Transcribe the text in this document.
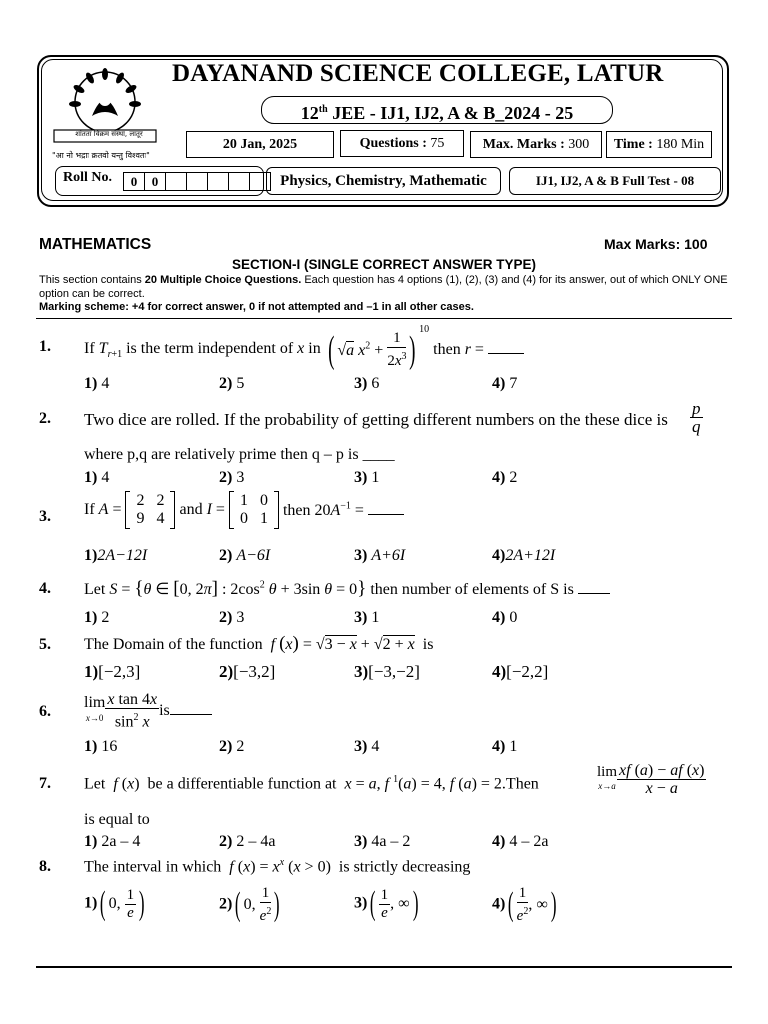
शांतता विक्रम संस्था, लातूर
"आ नो भद्राः क्रतवो यन्तु विश्वतः"
DAYANAND SCIENCE COLLEGE, LATUR
12th JEE - IJ1, IJ2, A & B_2024 - 25
20 Jan, 2025	Questions : 75	Max. Marks : 300	Time : 180 Min
Roll No.	0	0	Physics, Chemistry, Mathematic	IJ1, IJ2, A & B Full Test - 08
MATHEMATICS	Max Marks: 100
SECTION-I (SINGLE CORRECT ANSWER TYPE)
This section contains 20 Multiple Choice Questions. Each question has 4 options (1), (2), (3) and (4) for its answer, out of which ONLY ONE option can be correct.
Marking scheme: +4 for correct answer, 0 if not attempted and –1 in all other cases.
1. If $T_{r+1}$ is the term independent of x in ( √a $x^2 + \frac{1}{2x^3}$ ) $^{10}$ then r =
1) 4	2) 5	3) 6	4) 7
2. Two dice are rolled. If the probability of getting different numbers on the these dice is $\frac{p}{q}$
where p,q are relatively prime then q – p is ____
1) 4	2) 3	3) 1	4) 2
3. If A =
2	2
9	4
and I =
1	0
0	1 then $20A^{-1}$ =
1)2A−12I	2) A−6I	3) A+6I	4)2A+12I
4. Let S = {θ ∈ [0, 2π] : $2\cos^2$ θ + 3sin θ = 0} then number of elements of S is
1) 2	2) 3	3) 1	4) 0
5. The Domain of the function  f (x) = √3 − x + √2 + x  is
1)[−2,3]	2)[−3,2]	3)[−3,−2]	4)[−2,2]
6.
lim
$x\to 0 \frac{\text{x tan 4x}}{\sin^2 x}$ is
1) 16	2) 2	3) 4	4) 1
7. Let  f (x)  be a differentiable function at  x = a, f $^1$(a) = 4, f (a) = 2.Then
lim
$x\to a \frac{xf (a) - af (x)}{x - a}$
is equal to
1) 2a – 4	2) 2 – 4a	3) 4a – 2	4) 4 – 2a
8. The interval in which f $(x) = x^x$ (x > 0)  is strictly decreasing
1)( 0, $\frac{1}{e}$ )	2)( 0, $\frac{1}{e^2}$ )	$3)( \frac{1}{e}$ , ∞)	$4)( \frac{1}{e^2}$ , ∞)
